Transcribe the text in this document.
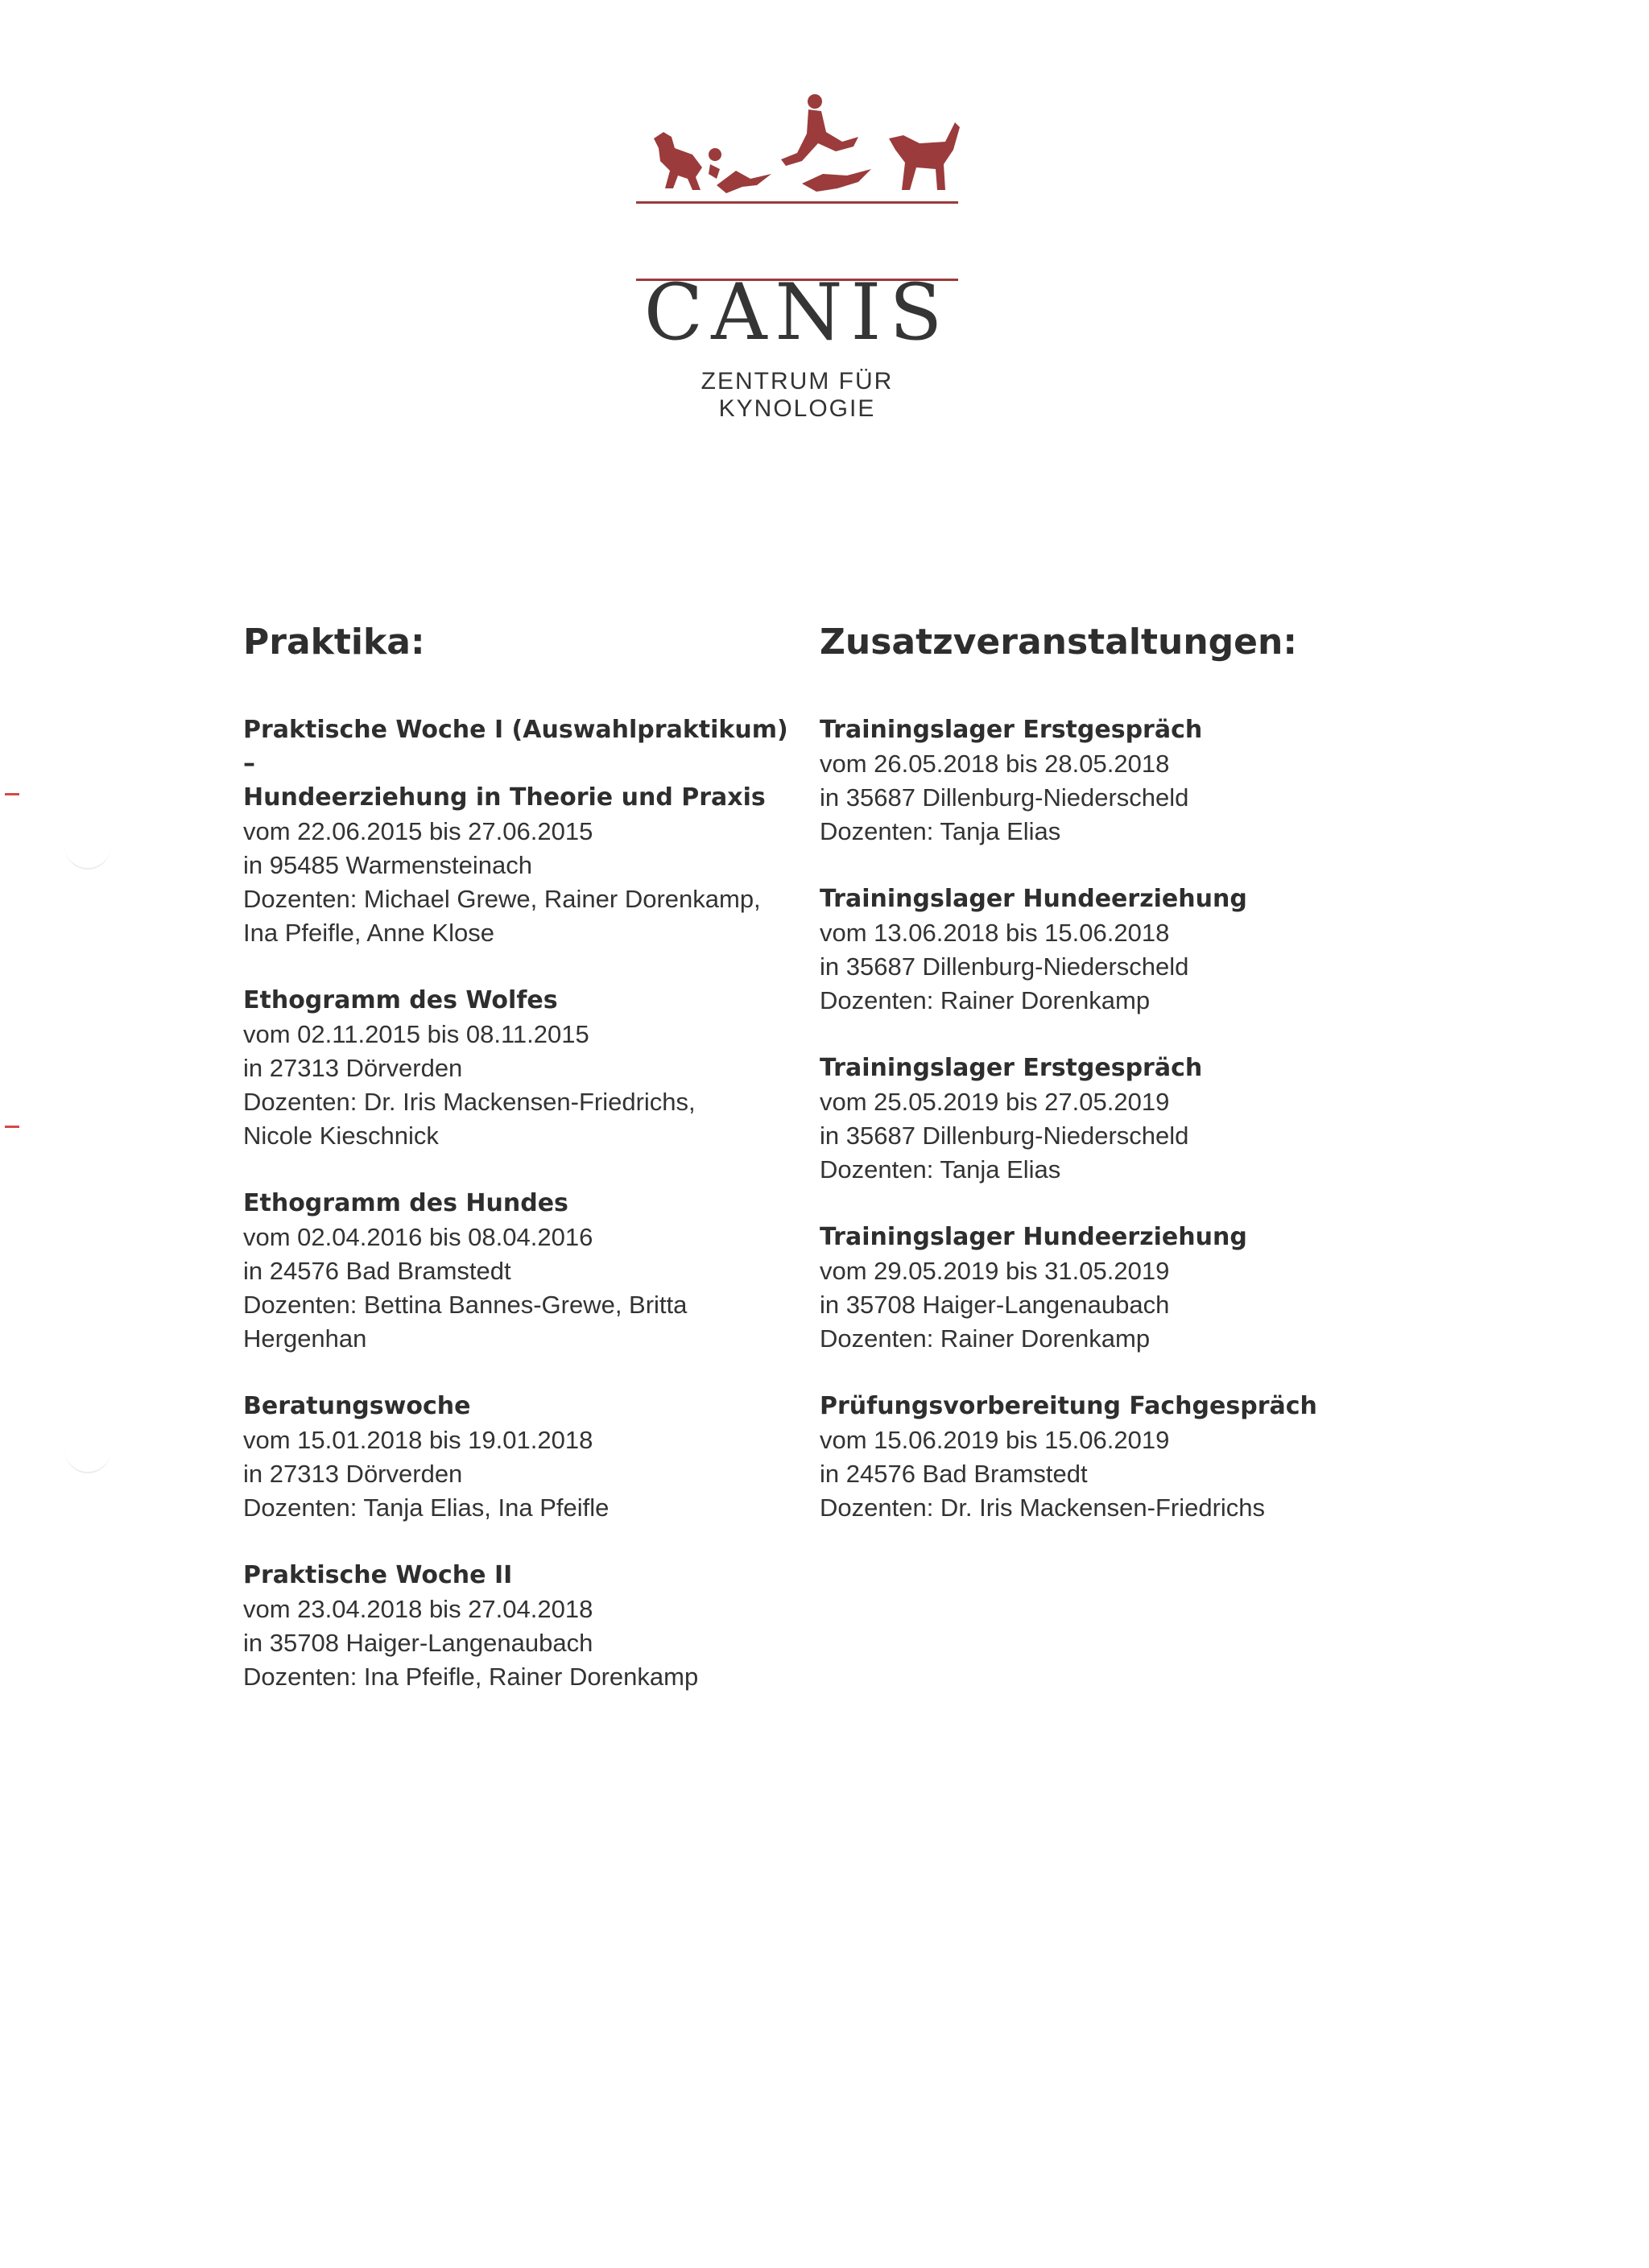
CANIS
ZENTRUM FÜR KYNOLOGIE
Praktika:
Praktische Woche I (Auswahlpraktikum) –
Hundeerziehung in Theorie und Praxis
vom 22.06.2015 bis 27.06.2015
in 95485 Warmensteinach
Dozenten: Michael Grewe, Rainer Dorenkamp,
Ina Pfeifle, Anne Klose
Ethogramm des Wolfes
vom 02.11.2015 bis 08.11.2015
in 27313 Dörverden
Dozenten: Dr. Iris Mackensen-Friedrichs,
Nicole Kieschnick
Ethogramm des Hundes
vom 02.04.2016 bis 08.04.2016
in 24576 Bad Bramstedt
Dozenten: Bettina Bannes-Grewe, Britta Hergenhan
Beratungswoche
vom 15.01.2018 bis 19.01.2018
in 27313 Dörverden
Dozenten: Tanja Elias, Ina Pfeifle
Praktische Woche II
vom 23.04.2018 bis 27.04.2018
in 35708 Haiger-Langenaubach
Dozenten: Ina Pfeifle, Rainer Dorenkamp
Zusatzveranstaltungen:
Trainingslager Erstgespräch
vom 26.05.2018 bis 28.05.2018
in 35687 Dillenburg-Niederscheld
Dozenten: Tanja Elias
Trainingslager Hundeerziehung
vom 13.06.2018 bis 15.06.2018
in 35687 Dillenburg-Niederscheld
Dozenten: Rainer Dorenkamp
Trainingslager Erstgespräch
vom 25.05.2019 bis 27.05.2019
in 35687 Dillenburg-Niederscheld
Dozenten: Tanja Elias
Trainingslager Hundeerziehung
vom 29.05.2019 bis 31.05.2019
in 35708 Haiger-Langenaubach
Dozenten: Rainer Dorenkamp
Prüfungsvorbereitung Fachgespräch
vom 15.06.2019 bis 15.06.2019
in 24576 Bad Bramstedt
Dozenten: Dr. Iris Mackensen-Friedrichs
